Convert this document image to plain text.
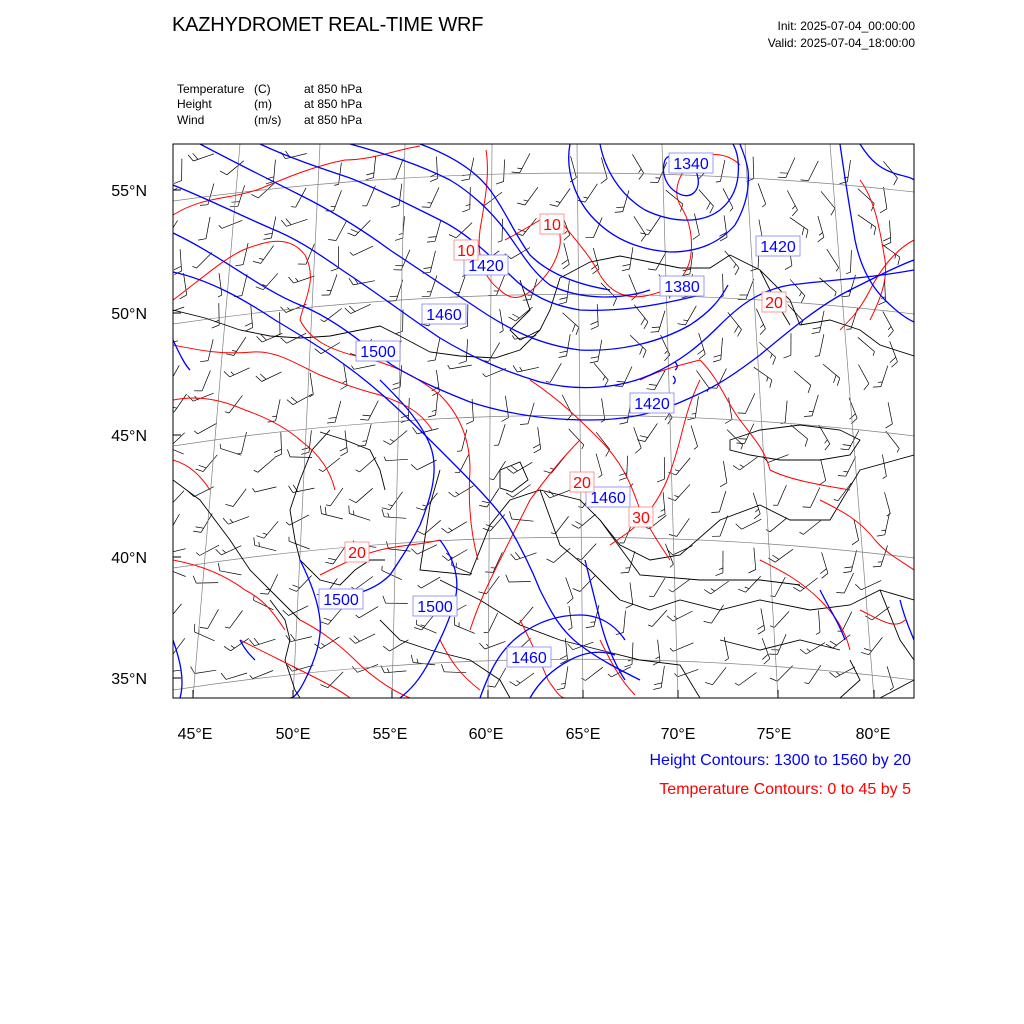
KAZHYDROMET REAL-TIME WRF	Init: 2025-07-04_00:00:00
Valid: 2025-07-04_18:00:00
Temperature (C)	at 850 hPa
Height	(m)	at 850 hPa
Wind	(m/s) at 850 hPa
1340
1420
1420
1380
1460
1500
1420
1460
1500	1500
1460
10
10
20
20
30
20
45°E	50°E	55°E	60°E	65°E	70°E	75°E	80°E
55°N
50°N
45°N
40°N
35°N
Height Contours: 1300 to 1560 by 20
Temperature Contours: 0 to 45 by 5
